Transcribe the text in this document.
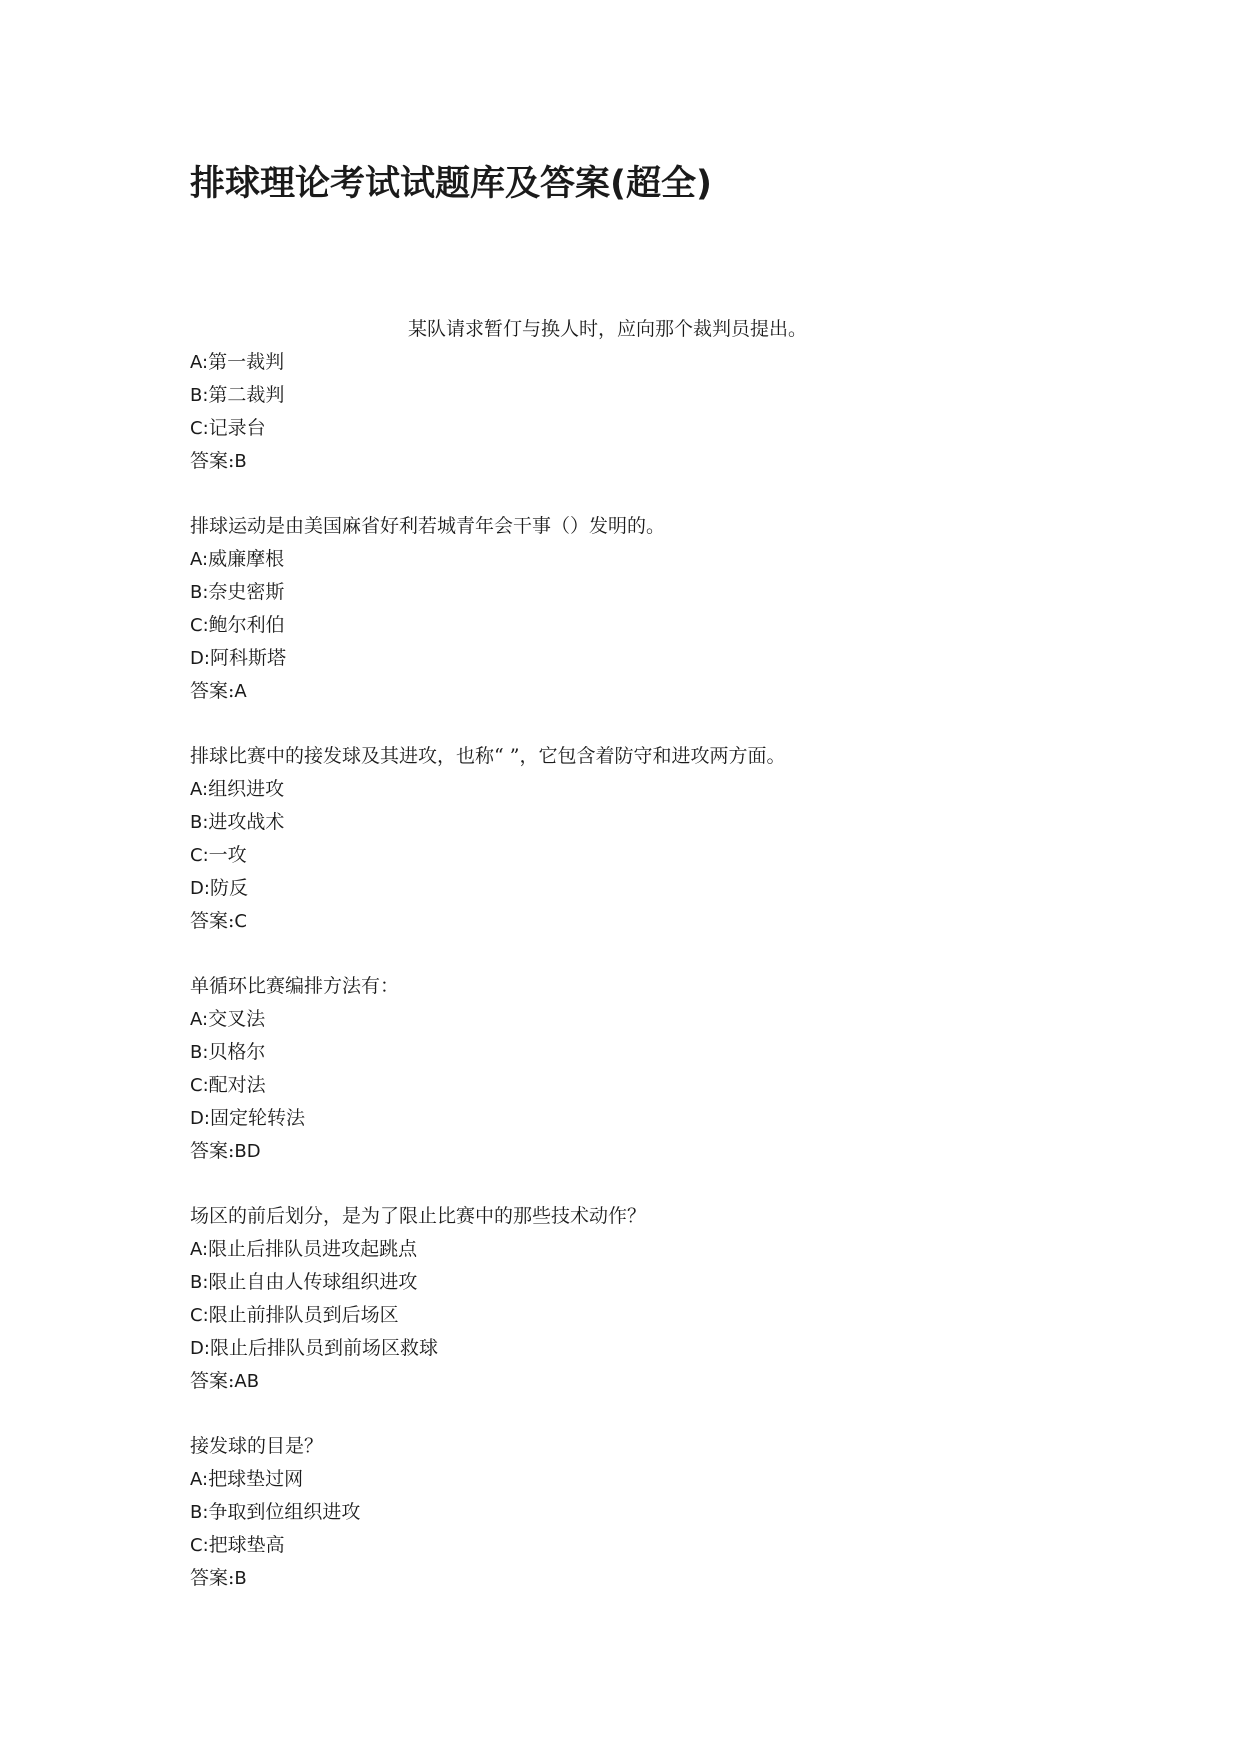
排球理论考试试题库及答案(超全)

某队请求暂仃与换人时，应向那个裁判员提出。

A:第一裁判

B:第二裁判

C:记录台

答案:B

排球运动是由美国麻省好利若城青年会干事（）发明的。

A:威廉摩根

B:奈史密斯

C:鲍尔利伯

D:阿科斯塔

答案:A

排球比赛中的接发球及其进攻，也称“ ”，它包含着防守和进攻两方面。

A:组织进攻

B:进攻战术

C:一攻

D:防反

答案:C

单循环比赛编排方法有：

A:交叉法

B:贝格尔

C:配对法

D:固定轮转法

答案:BD

场区的前后划分，是为了限止比赛中的那些技术动作？

A:限止后排队员进攻起跳点

B:限止自由人传球组织进攻

C:限止前排队员到后场区

D:限止后排队员到前场区救球

答案:AB

接发球的目是？

A:把球垫过网

B:争取到位组织进攻

C:把球垫高

答案:B
